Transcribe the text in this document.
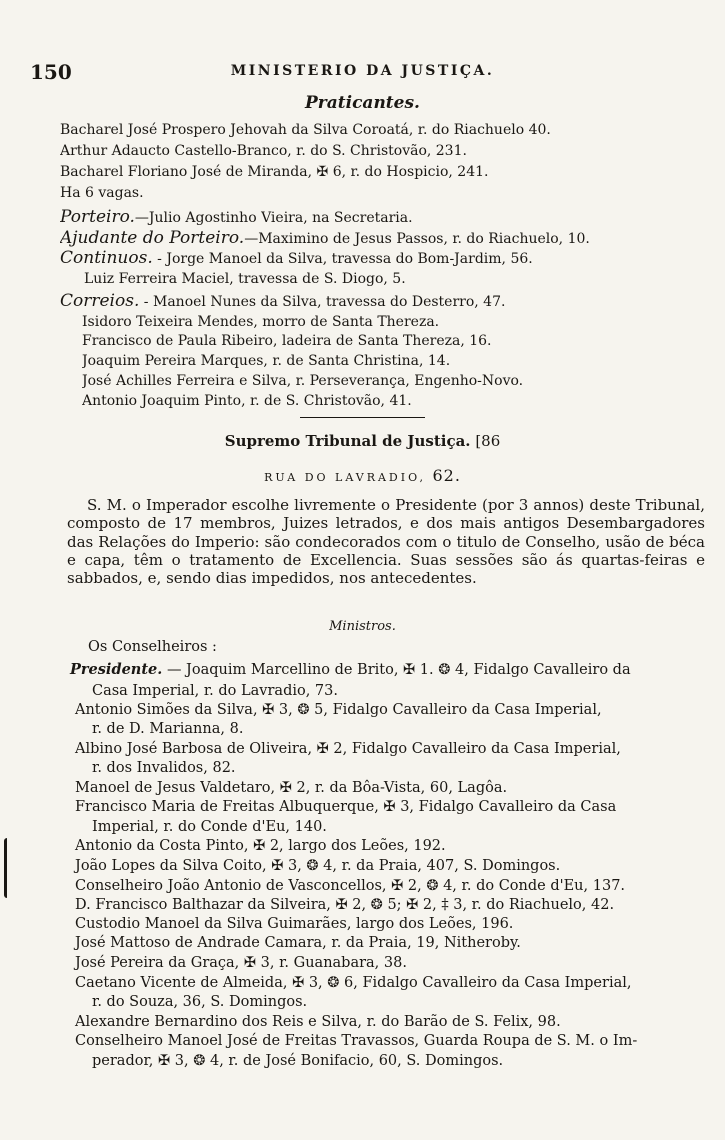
150	MINISTERIO DA JUSTIÇA.
Praticantes.
Bacharel José Prospero Jehovah da Silva Coroatá, r. do Riachuelo 40.
Arthur Adaucto Castello-Branco, r. do S. Christovão, 231.
Bacharel Floriano José de Miranda, ✠ 6, r. do Hospicio, 241.
Ha 6 vagas.
Porteiro.—Julio Agostinho Vieira, na Secretaria.
Ajudante do Porteiro.—Maximino de Jesus Passos, r. do Riachuelo, 10.
Continuos. - Jorge Manoel da Silva, travessa do Bom-Jardim, 56.
Luiz Ferreira Maciel, travessa de S. Diogo, 5.
Correios. - Manoel Nunes da Silva, travessa do Desterro, 47.
Isidoro Teixeira Mendes, morro de Santa Thereza.
Francisco de Paula Ribeiro, ladeira de Santa Thereza, 16.
Joaquim Pereira Marques, r. de Santa Christina, 14.
José Achilles Ferreira e Silva, r. Perseverança, Engenho-Novo.
Antonio Joaquim Pinto, r. de S. Christovão, 41.
Supremo Tribunal de Justiça. [86
RUA DO LAVRADIO, 62.
S. M. o Imperador escolhe livremente o Presidente (por 3 annos) deste Tribunal, composto de 17 membros, Juizes letrados, e dos mais antigos Desembargadores das Relações do Imperio: são condecorados com o titulo de Conselho, usão de béca e capa, têm o tratamento de Excellencia. Suas sessões são ás quartas-feiras e sabbados, e, sendo dias impedidos, nos antecedentes.
Ministros.
Os Conselheiros :
Presidente. — Joaquim Marcellino de Brito, ✠ 1. ❂ 4, Fidalgo Cavalleiro da
Casa Imperial, r. do Lavradio, 73.
Antonio Simões da Silva, ✠ 3, ❂ 5, Fidalgo Cavalleiro da Casa Imperial,
r. de D. Marianna, 8.
Albino José Barbosa de Oliveira, ✠ 2, Fidalgo Cavalleiro da Casa Imperial,
r. dos Invalidos, 82.
Manoel de Jesus Valdetaro, ✠ 2, r. da Bôa-Vista, 60, Lagôa.
Francisco Maria de Freitas Albuquerque, ✠ 3, Fidalgo Cavalleiro da Casa
Imperial, r. do Conde d'Eu, 140.
Antonio da Costa Pinto, ✠ 2, largo dos Leões, 192.
João Lopes da Silva Coito, ✠ 3, ❂ 4, r. da Praia, 407, S. Domingos.
Conselheiro João Antonio de Vasconcellos, ✠ 2, ❂ 4, r. do Conde d'Eu, 137.
D. Francisco Balthazar da Silveira, ✠ 2, ❂ 5; ✠ 2, ‡ 3, r. do Riachuelo, 42.
Custodio Manoel da Silva Guimarães, largo dos Leões, 196.
José Mattoso de Andrade Camara, r. da Praia, 19, Nitheroby.
José Pereira da Graça, ✠ 3, r. Guanabara, 38.
Caetano Vicente de Almeida, ✠ 3, ❂ 6, Fidalgo Cavalleiro da Casa Imperial,
r. do Souza, 36, S. Domingos.
Alexandre Bernardino dos Reis e Silva, r. do Barão de S. Felix, 98.
Conselheiro Manoel José de Freitas Travassos, Guarda Roupa de S. M. o Im-
perador, ✠ 3, ❂ 4, r. de José Bonifacio, 60, S. Domingos.
